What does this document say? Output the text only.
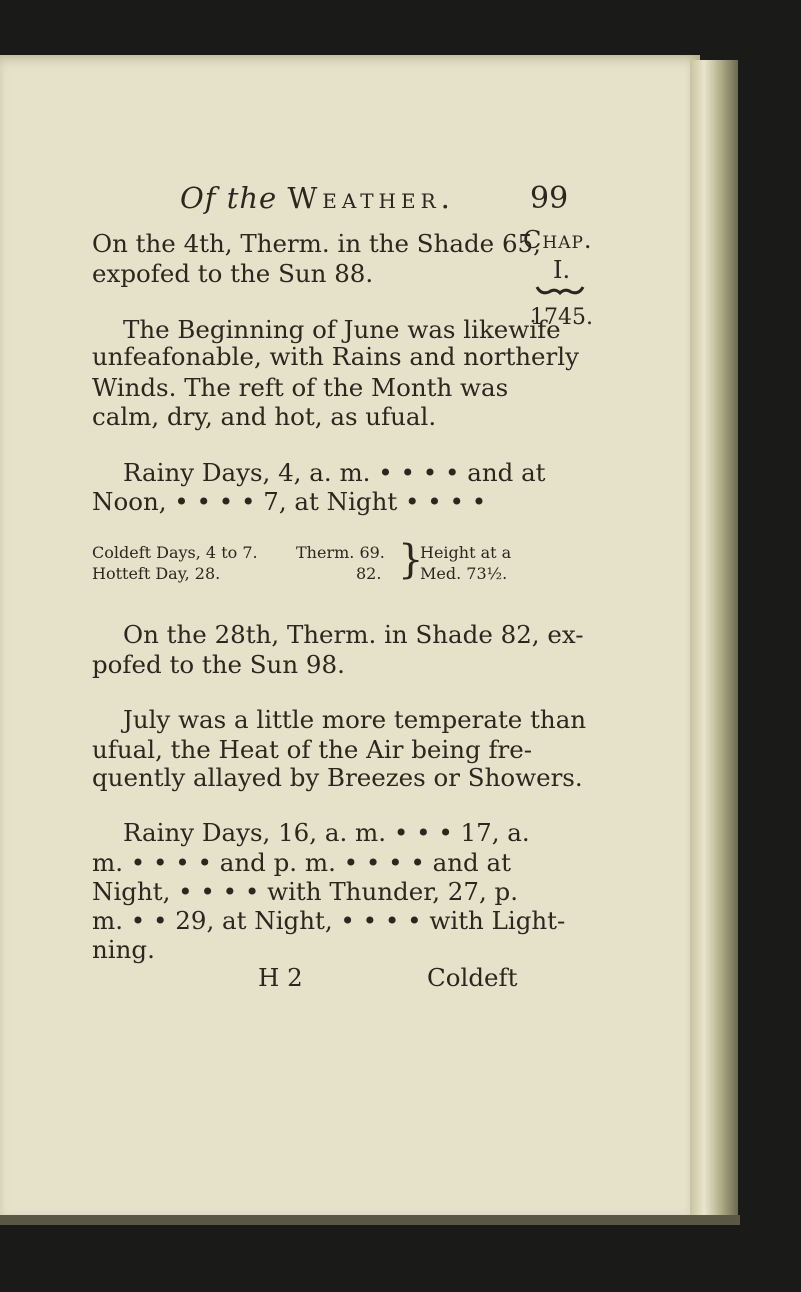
Of the Weather.	99
Chap.
I.
1745.
On the 4th, Therm. in the Shade 65,
expofed to the Sun 88.
The Beginning of June was likewife
unfeafonable, with Rains and northerly
Winds. The reft of the Month was
calm, dry, and hot, as ufual.
Rainy Days, 4, a. m. • • • • and at
Noon, • • • • 7, at Night • • • •
Coldeft Days, 4 to 7.
Hotteft Day, 28.
Therm. 69.
82. }
Height at a
Med. 73½.
On the 28th, Therm. in Shade 82, ex-
pofed to the Sun 98.
July was a little more temperate than
ufual, the Heat of the Air being fre-
quently allayed by Breezes or Showers.
Rainy Days, 16, a. m. • • • 17, a.
m. • • • • and p. m. • • • • and at
Night, • • • • with Thunder, 27, p.
m. • • 29, at Night, • • • • with Light-
ning.
H 2	Coldeft
